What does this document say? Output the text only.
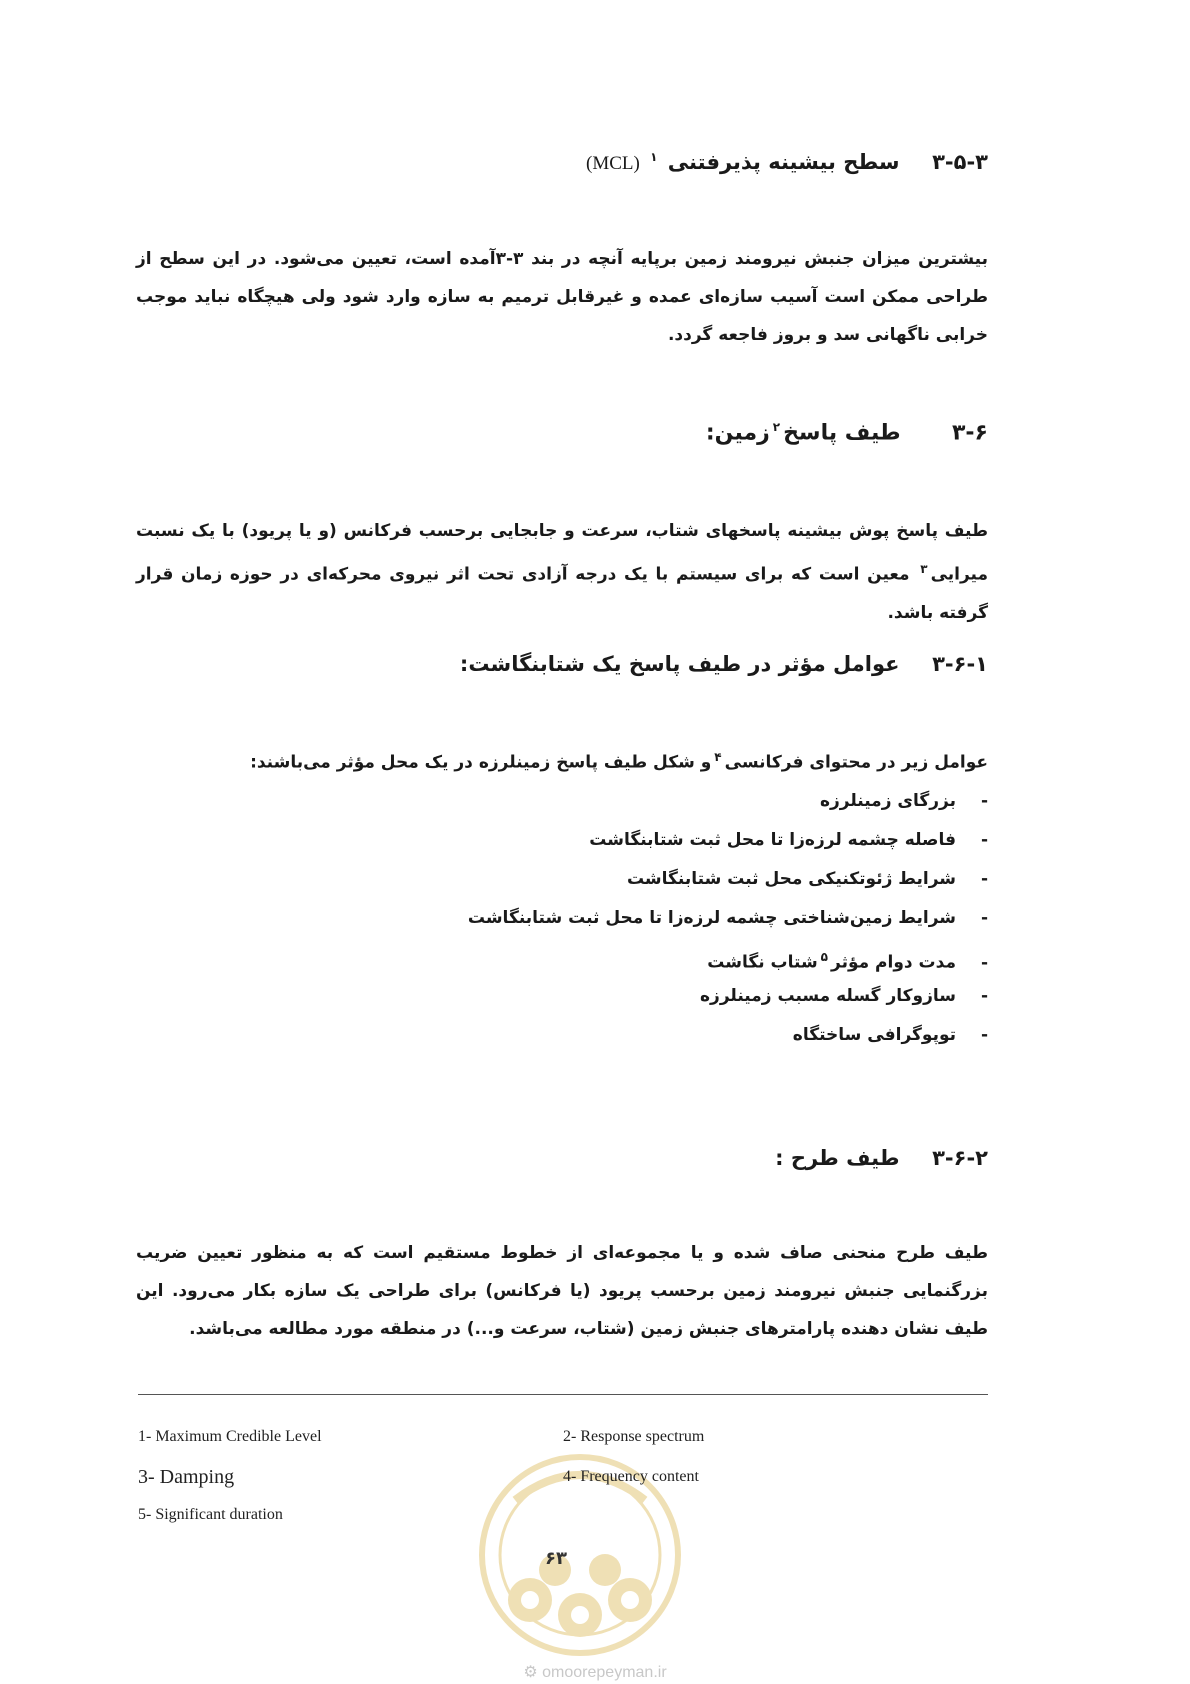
۳-۵-۳  سطح بیشینه پذیرفتنی $^۱$ (MCL)
بیشترین میزان جنبش نیرومند زمین برپایه آنچه در بند ۳-۳آمده است، تعیین می‌شود. در این سطح از طراحی ممکن است آسیب سازه‌ای عمده و غیرقابل ترمیم به سازه وارد شود ولی هیچگاه نباید موجب خرابی ناگهانی سد و بروز فاجعه گردد.
۳-۶  طیف پاسخ$^۲$زمین:
طیف پاسخ پوش بیشینه پاسخهای شتاب، سرعت و جابجایی برحسب فرکانس (و یا پریود) با یک نسبت میرایی$^۳$ معین است که برای سیستم با یک درجه آزادی تحت اثر نیروی محرکه‌ای در حوزه زمان قرار گرفته باشد.
۳-۶-۱  عوامل مؤثر در طیف پاسخ یک شتابنگاشت:
عوامل زیر در محتوای فرکانسی$^۴$و شکل طیف پاسخ زمینلرزه در یک محل مؤثر می‌باشند:
-بزرگای زمینلرزه
-فاصله چشمه لرزه‌زا تا محل ثبت شتابنگاشت
-شرایط ژئوتکنیکی محل ثبت شتابنگاشت
-شرایط زمین‌شناختی چشمه لرزه‌زا تا محل ثبت شتابنگاشت
-مدت دوام مؤثر$^۵$شتاب نگاشت
-سازوکار گسله مسبب زمینلرزه
-توپوگرافی ساختگاه
۳-۶-۲  طیف طرح :
طیف طرح منحنی صاف شده و یا مجموعه‌ای از خطوط مستقیم است که به منظور تعیین ضریب بزرگنمایی جنبش نیرومند زمین برحسب پریود (یا فرکانس) برای طراحی یک سازه بکار می‌رود. این طیف نشان دهنده پارامترهای جنبش زمین (شتاب، سرعت و...) در منطقه مورد مطالعه می‌باشد.
1- Maximum Credible Level	2- Response spectrum
3- Damping	4- Frequency content
5- Significant duration
۶۳
⚙ omoorepeyman.ir
